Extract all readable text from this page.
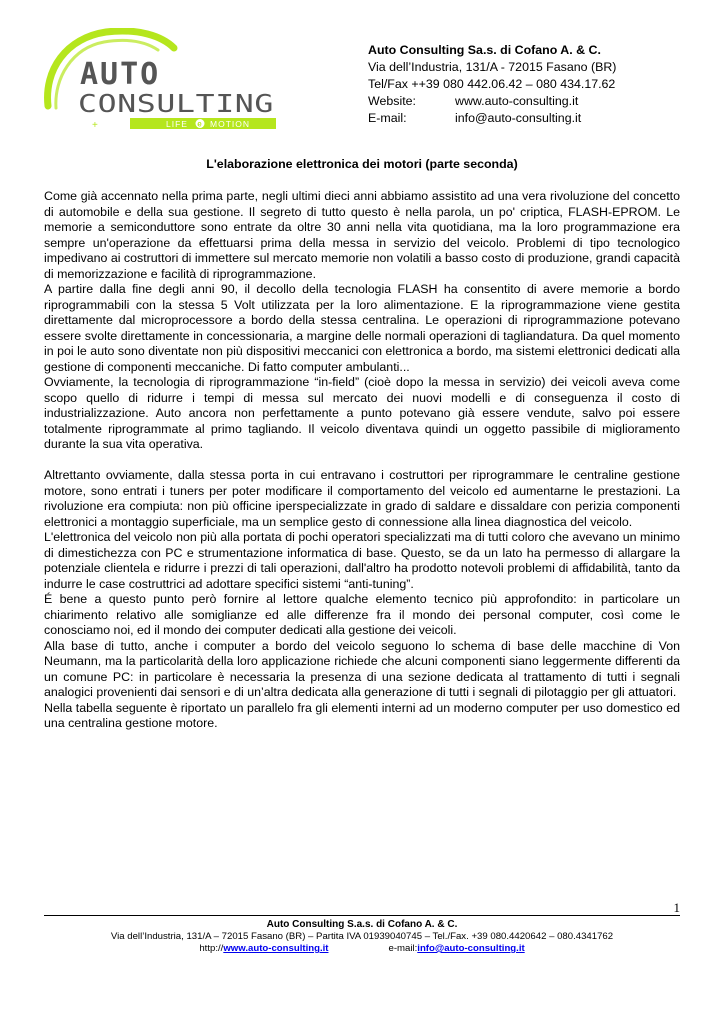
AUTO
CONSULTING
LIFE e MOTION
+
Auto Consulting Sa.s. di Cofano A. & C.
Via dell’Industria, 131/A - 72015 Fasano (BR)
Tel/Fax ++39 080 442.06.42 – 080 434.17.62
Website:	www.auto-consulting.it
E-mail:	info@auto-consulting.it
L'elaborazione elettronica dei motori (parte seconda)

Come già accennato nella prima parte, negli ultimi dieci anni abbiamo assistito ad una vera rivoluzione del concetto di automobile e della sua gestione. Il segreto di tutto questo è nella parola, un po' criptica, FLASH-EPROM. Le memorie a semiconduttore sono entrate da oltre 30 anni nella vita quotidiana, ma la loro programmazione era sempre un'operazione da effettuarsi prima della messa in servizio del veicolo. Problemi di tipo tecnologico impedivano ai costruttori di immettere sul mercato memorie non volatili a basso costo di produzione, grandi capacità di memorizzazione e facilità di riprogrammazione.

A partire dalla fine degli anni 90, il decollo della tecnologia FLASH ha consentito di avere memorie a bordo riprogrammabili con la stessa 5 Volt utilizzata per la loro alimentazione. E la riprogrammazione viene gestita direttamente dal microprocessore a bordo della stessa centralina. Le operazioni di riprogrammazione potevano essere svolte direttamente in concessionaria, a margine delle normali operazioni di tagliandatura. Da quel momento in poi le auto sono diventate non più dispositivi meccanici con elettronica a bordo, ma sistemi elettronici dedicati alla gestione di componenti meccaniche. Di fatto computer ambulanti...

Ovviamente, la tecnologia di riprogrammazione “in-field” (cioè dopo la messa in servizio) dei veicoli aveva come scopo quello di ridurre i tempi di messa sul mercato dei nuovi modelli e di conseguenza il costo di industrializzazione. Auto ancora non perfettamente a punto potevano già essere vendute, salvo poi essere totalmente riprogrammate al primo tagliando. Il veicolo diventava quindi un oggetto passibile di miglioramento durante la sua vita operativa.

Altrettanto ovviamente, dalla stessa porta in cui entravano i costruttori per riprogrammare le centraline gestione motore, sono entrati i tuners per poter modificare il comportamento del veicolo ed aumentarne le prestazioni. La rivoluzione era compiuta: non più officine iperspecializzate in grado di saldare e dissaldare con perizia componenti elettronici a montaggio superficiale, ma un semplice gesto di connessione alla linea diagnostica del veicolo.

L'elettronica del veicolo non più alla portata di pochi operatori specializzati ma di tutti coloro che avevano un minimo di dimestichezza con PC e strumentazione informatica di base. Questo, se da un lato ha permesso di allargare la potenziale clientela e ridurre i prezzi di tali operazioni, dall'altro ha prodotto notevoli problemi di affidabilità, tanto da indurre le case costruttrici ad adottare specifici sistemi “anti-tuning”.

É bene a questo punto però fornire al lettore qualche elemento tecnico più approfondito: in particolare un chiarimento relativo alle somiglianze ed alle differenze fra il mondo dei personal computer, così come le conosciamo noi, ed il mondo dei computer dedicati alla gestione dei veicoli.

Alla base di tutto, anche i computer a bordo del veicolo seguono lo schema di base delle macchine di Von Neumann, ma la particolarità della loro applicazione richiede che alcuni componenti siano leggermente differenti da un comune PC: in particolare è necessaria la presenza di una sezione dedicata al trattamento di tutti i segnali analogici provenienti dai sensori e di un’altra dedicata alla generazione di tutti i segnali di pilotaggio per gli attuatori.

Nella tabella seguente è riportato un parallelo fra gli elementi interni ad un moderno computer per uso domestico ed una centralina gestione motore.

1
Auto Consulting S.a.s. di Cofano A. & C.
Via dell’Industria, 131/A – 72015 Fasano (BR) – Partita IVA 01939040745 – Tel./Fax. +39 080.4420642 – 080.4341762
http://www.auto-consulting.it	e-mail:info@auto-consulting.it
